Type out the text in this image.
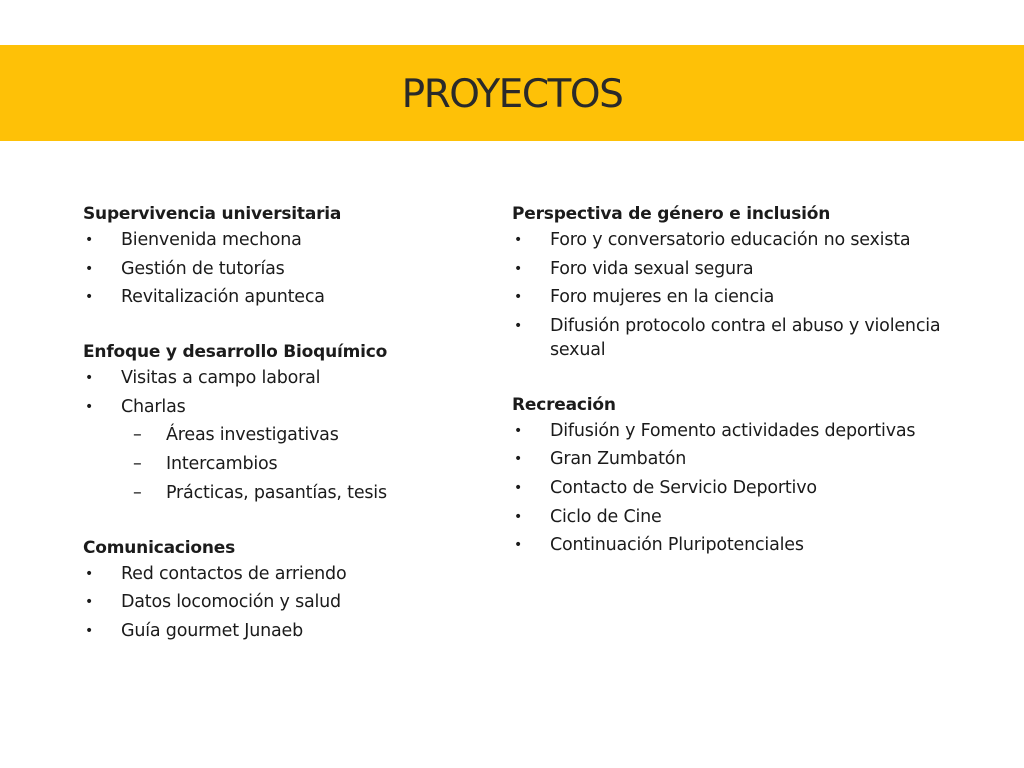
PROYECTOS

Supervivencia universitaria

• Bienvenida mechona
• Gestión de tutorías
• Revitalización apunteca

Enfoque y desarrollo Bioquímico

• Visitas a campo laboral
• Charlas
– Áreas investigativas
– Intercambios
– Prácticas, pasantías, tesis

Comunicaciones

• Red contactos de arriendo
• Datos locomoción y salud
• Guía gourmet Junaeb

Perspectiva de género e inclusión

• Foro y conversatorio educación no sexista
• Foro vida sexual segura
• Foro mujeres en la ciencia
• Difusión protocolo contra el abuso y violencia sexual

Recreación

• Difusión y Fomento actividades deportivas
• Gran Zumbatón
• Contacto de Servicio Deportivo
• Ciclo de Cine
• Continuación Pluripotenciales
